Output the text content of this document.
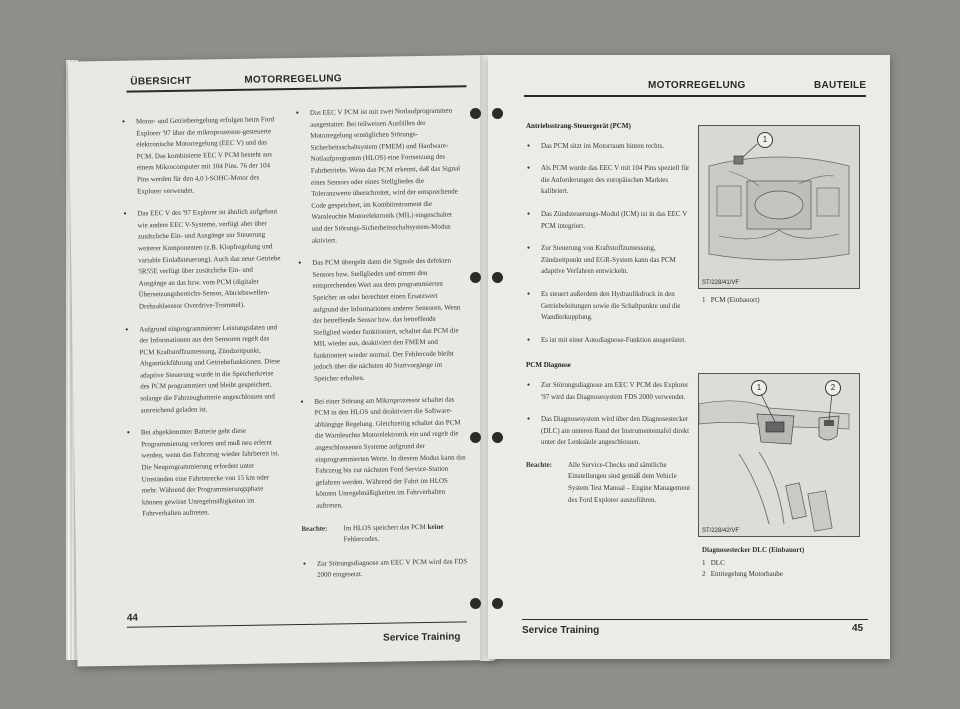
ÜBERSICHT	MOTORREGELUNG
● Motor- und Getrieberegelung erfolgen beim Ford Explorer '97 über die mikroprozessor-gesteuerte elektronische Motorregelung (EEC V) und das PCM. Das kombinierte EEC V PCM besteht aus einem Mikrocomputer mit 104 Pins. 76 der 104 Pins werden für den 4,0 l-SOHC-Motor des Explorer verwendet.
● Das EEC V des '97 Explorer ist ähnlich aufgebaut wie andere EEC V-Systeme, verfügt aber über zusätzliche Ein- und Ausgänge zur Steuerung weiterer Komponenten (z.B. Klopfregelung und variable Einlaßsteuerung). Auch das neue Getriebe 5R55E verfügt über zusätzliche Ein- und Ausgänge an das bzw. vom PCM (digitaler Übersetzungsbereichs-Sensor, Abtriebswellen-Drehzahlsensor Overdrive-Trommel).
● Aufgrund einprogrammierter Leistungsdaten und der Informationen aus den Sensoren regelt das PCM Kraftstoffzumessung, Zündzeitpunkt, Abgasrückführung und Getriebefunktionen. Diese adaptive Steuerung wurde in die Speicherkreise des PCM programmiert und bleibt gespeichert, solange die Fahrzeugbatterie angeschlossen und ausreichend geladen ist.
● Bei abgeklemmter Batterie geht diese Programmierung verloren und muß neu erlernt werden, wenn das Fahrzeug wieder fahrbereit ist. Die Neuprogrammierung erfordert unter Umständen eine Fahrtstrecke von 15 km oder mehr. Während der Programmierungsphase können gewisse Unregelmäßigkeiten im Fahrverhalten auftreten.
● Das EEC V PCM ist mit zwei Notlaufprogrammen ausgestattet: Bei teilweisen Ausfällen der Motorregelung ermöglichen Störungs-Sicherheitsschaltsystem (FMEM) und Hardware-Notlaufprogramm (HLOS) eine Fortsetzung des Fahrbetriebs. Wenn das PCM erkennt, daß das Signal eines Sensors oder eines Stellgliedes die Toleranzwerte überschreitet, wird der entsprechende Code gespeichert, im Kombiinstrument die Warnleuchte Motorelektronik (MIL) eingeschaltet und der Störungs-Sicherheitsschaltsystem-Modus aktiviert.
● Das PCM übergeht dann die Signale des defekten Sensors bzw. Stellgliedes und nimmt den entsprechenden Wert aus dem programmierten Speicher an oder berechnet einen Ersatzwert aufgrund der Informationen anderer Sensoren. Wenn der betreffende Sensor bzw. das betreffende Stellglied wieder funktioniert, schaltet das PCM die MIL wieder aus, deaktiviert den FMEM und funktioniert wieder normal. Der Fehlercode bleibt jedoch über die nächsten 40 Startvorgänge im Speicher erhalten.
● Bei einer Störung am Mikroprozessor schaltet das PCM in den HLOS und deaktiviert die Software-abhängige Regelung. Gleichzeitig schaltet das PCM die Warnleuchte Motorelektronik ein und regelt die angeschlossenen Systeme aufgrund der einprogrammierten Werte. In diesem Modus kann das Fahrzeug bis zur nächsten Ford Service-Station gefahren werden. Während der Fahrt im HLOS können Unregelmäßigkeiten im Fahrverhalten auftreten.
Beachte:	Im HLOS speichert das PCM keine Fehlercodes.
● Zur Störungsdiagnose am EEC V PCM wird das FDS 2000 eingesetzt.
44
Service Training
MOTORREGELUNG	BAUTEILE
Antriebsstrang-Steuergerät (PCM)
● Das PCM sitzt im Motorraum hinten rechts.
● Als PCM wurde das EEC V mit 104 Pins speziell für die Anforderungen des europäischen Marktes kalibriert.
● Das Zündsteuerungs-Modul (ICM) ist in das EEC V PCM integriert.
● Zur Steuerung von Kraftstoffzumessung, Zündzeitpunkt und EGR-System kann das PCM adaptive Verfahren entwickeln.
● Es steuert außerdem den Hydraulikdruck in den Getriebeleitungen sowie die Schaltpunkte und die Wandlerkupplung.
● Es ist mit einer Autodiagnose-Funktion ausgerüstet.
PCM Diagnose
● Zur Störungsdiagnose am EEC V PCM des Explorer '97 wird das Diagnosesystem FDS 2000 verwendet.
● Das Diagnosesystem wird über den Diagnosestecker (DLC) am unteren Rand der Instrumententafel direkt unter der Lenksäule angeschlossen.
Beachte:	Alle Service-Checks und sämtliche Einstellungen sind gemäß dem Vehicle System Test Manual – Engine Management des Ford Explorer auszuführen.
1
ST/228/41/VF
1 PCM (Einbauort)
1	2
ST/228/42/VF
Diagnosestecker DLC (Einbauort)
1 DLC
2 Entriegelung Motorhaube
Service Training	45
